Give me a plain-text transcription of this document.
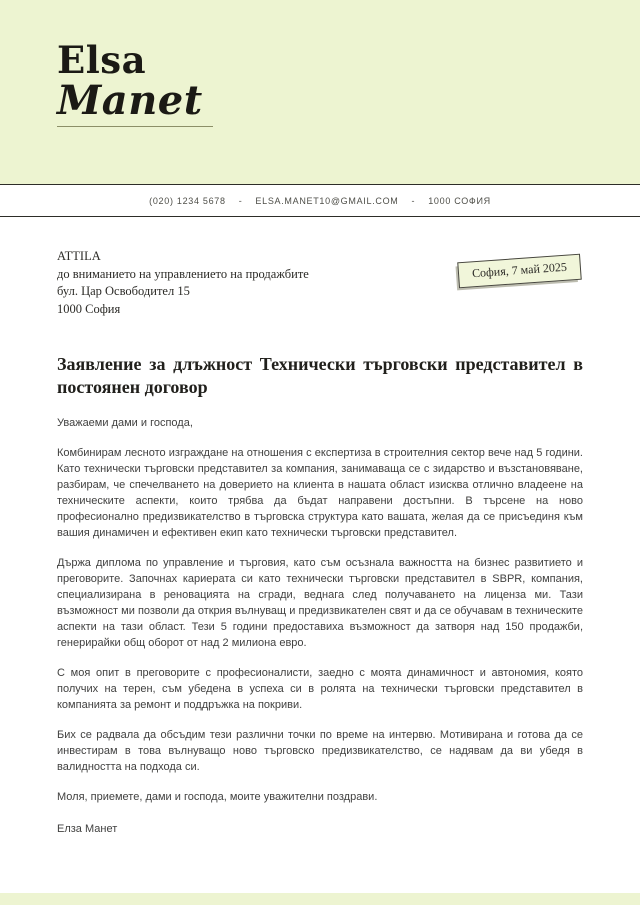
Elsa
Manet
(020) 1234 5678 - ELSA.MANET10@GMAIL.COM - 1000 СОФИЯ
ATTILA
до вниманието на управлението на продажбите
бул. Цар Освободител 15
1000 София
София, 7 май 2025
Заявление за длъжност Технически търговски представител в постоянен договор

Уважаеми дами и господа,

Комбинирам лесното изграждане на отношения с експертиза в строителния сектор вече над 5 години. Като технически търговски представител за компания, занимаваща се с зидарство и възстановяване, разбирам, че спечелването на доверието на клиента в нашата област изисква отлично владеене на техническите аспекти, които трябва да бъдат направени достъпни. В търсене на ново професионално предизвикателство в търговска структура като вашата, желая да се присъединя към вашия динамичен и ефективен екип като технически търговски представител.

Държа диплома по управление и търговия, като съм осъзнала важността на бизнес развитието и преговорите. Започнах кариерата си като технически търговски представител в SBPR, компания, специализирана в реновацията на сгради, веднага след получаването на лиценза ми. Тази възможност ми позволи да открия вълнуващ и предизвикателен свят и да се обучавам в техническите аспекти на тази област. Тези 5 години предоставиха възможност да затворя над 150 продажби, генерирайки общ оборот от над 2 милиона евро.

С моя опит в преговорите с професионалисти, заедно с моята динамичност и автономия, която получих на терен, съм убедена в успеха си в ролята на технически търговски представител в компанията за ремонт и поддръжка на покриви.

Бих се радвала да обсъдим тези различни точки по време на интервю. Мотивирана и готова да се инвестирам в това вълнуващо ново търговско предизвикателство, се надявам да ви убедя в валидността на подхода си.

Моля, приемете, дами и господа, моите уважителни поздрави.

Елза Манет
